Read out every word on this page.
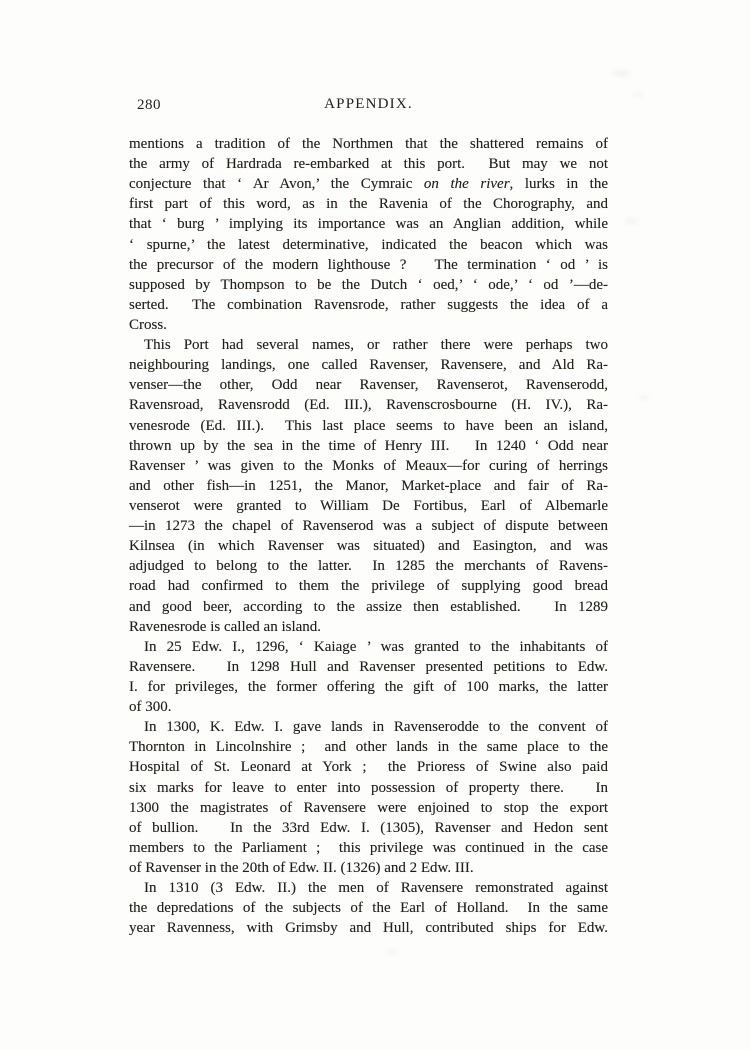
280	APPENDIX.
mentions a tradition of the Northmen that the shattered remains of
the army of Hardrada re-embarked at this port.  But may we not
conjecture that ‘ Ar Avon,’ the Cymraic on the river, lurks in the
first part of this word, as in the Ravenia of the Chorography, and
that ‘ burg ’ implying its importance was an Anglian addition, while
‘ spurne,’ the latest determinative, indicated the beacon which was
the precursor of the modern lighthouse ?   The termination ‘ od ’ is
supposed by Thompson to be the Dutch ‘ oed,’ ‘ ode,’ ‘ od ’—de-
serted.  The combination Ravensrode, rather suggests the idea of a
Cross.
This Port had several names, or rather there were perhaps two
neighbouring landings, one called Ravenser, Ravensere, and Ald Ra-
venser—the other, Odd near Ravenser, Ravenserot, Ravenserodd,
Ravensroad, Ravensrodd (Ed. III.), Ravenscrosbourne (H. IV.), Ra-
venesrode (Ed. III.).  This last place seems to have been an island,
thrown up by the sea in the time of Henry III.   In 1240 ‘ Odd near
Ravenser ’ was given to the Monks of Meaux—for curing of herrings
and other fish—in 1251, the Manor, Market-place and fair of Ra-
venserot were granted to William De Fortibus, Earl of Albemarle
—in 1273 the chapel of Ravenserod was a subject of dispute between
Kilnsea (in which Ravenser was situated) and Easington, and was
adjudged to belong to the latter.  In 1285 the merchants of Ravens-
road had confirmed to them the privilege of supplying good bread
and good beer, according to the assize then established.   In 1289
Ravenesrode is called an island.
In 25 Edw. I., 1296, ‘ Kaiage ’ was granted to the inhabitants of
Ravensere.   In 1298 Hull and Ravenser presented petitions to Edw.
I. for privileges, the former offering the gift of 100 marks, the latter
of 300.
In 1300, K. Edw. I. gave lands in Ravenserodde to the convent of
Thornton in Lincolnshire ;  and other lands in the same place to the
Hospital of St. Leonard at York ;  the Prioress of Swine also paid
six marks for leave to enter into possession of property there.   In
1300 the magistrates of Ravensere were enjoined to stop the export
of bullion.   In the 33rd Edw. I. (1305), Ravenser and Hedon sent
members to the Parliament ;  this privilege was continued in the case
of Ravenser in the 20th of Edw. II. (1326) and 2 Edw. III.
In 1310 (3 Edw. II.) the men of Ravensere remonstrated against
the depredations of the subjects of the Earl of Holland.  In the same
year Ravenness, with Grimsby and Hull, contributed ships for Edw.
